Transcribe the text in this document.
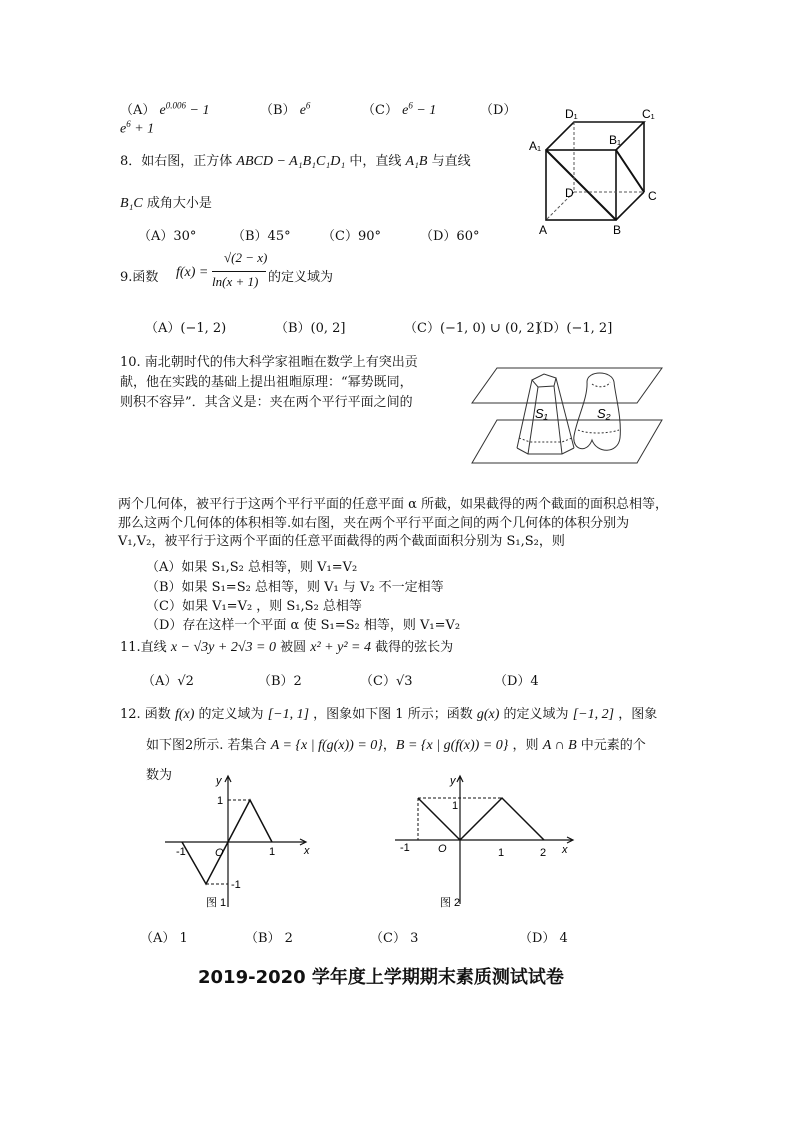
（A） $e^{0.006} - 1$	（B） $e^6$	（C） $e^6 - 1$	（D）
$e^6 + 1$
8．如右图，正方体 ABCD − A₁B₁C₁D₁ 中，直线 A₁B 与直线
B₁C 成角大小是
（A）30°	（B）45° （C）90°	（D）60°
D₁	C₁
A₁	B₁
D	C
A	B
9.函数 f(x) =
√(2 − x)
ln(x + 1) 的定义域为
（A）(−1, 2)	（B）(0, 2]	（C）(−1, 0) ∪ (0, 2]
（D）(−1, 2]
10. 南北朝时代的伟大科学家祖暅在数学上有突出贡
献，他在实践的基础上提出祖暅原理：“幂势既同，
则积不容异”．其含义是：夹在两个平行平面之间的
S₁	S₂
两个几何体，被平行于这两个平行平面的任意平面 α 所截，如果截得的两个截面的面积总相等，那么这两个几何体的体积相等.如右图，夹在两个平行平面之间的两个几何体的体积分别为 V₁,V₂，被平行于这两个平面的任意平面截得的两个截面面积分别为 S₁,S₂，则
（A）如果 S₁,S₂ 总相等，则 V₁=V₂
（B）如果 S₁=S₂ 总相等，则 V₁ 与 V₂ 不一定相等
（C）如果 V₁=V₂ ，则 S₁,S₂ 总相等
（D）存在这样一个平面 α 使 S₁=S₂ 相等，则 V₁=V₂
11.直线 x − √3y + 2√3 = 0 被圆 x² + y² = 4 截得的弦长为
（A）√2	（B）2	（C）√3	（D）4
12. 函数 f(x) 的定义域为 [−1, 1] ，图象如下图 1 所示；函数 g(x) 的定义域为 [−1, 2] ，图象
如下图2所示. 若集合 A = {x | f(g(x)) = 0}，B = {x | g(f(x)) = 0} ，则 A ∩ B 中元素的个
数为	y
x
O
1
-1
-1	1
图 1
y
x
O
1
-1	1	2
图 2
（A） 1	（B） 2	（C） 3	（D） 4
2019-2020 学年度上学期期末素质测试试卷
